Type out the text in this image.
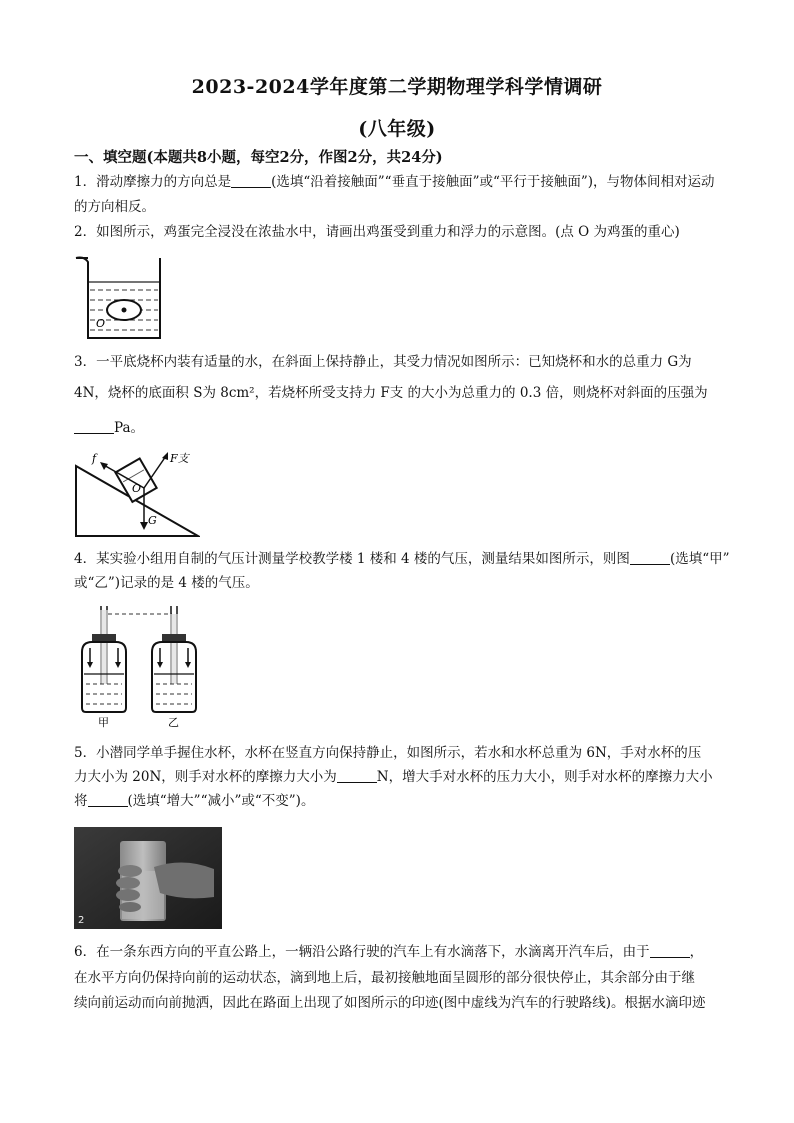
2023-2024学年度第二学期物理学科学情调研
(八年级)
一、填空题(本题共8小题，每空2分，作图2分，共24分)
1．滑动摩擦力的方向总是	(选填“沿着接触面”“垂直于接触面”或“平行于接触面”)，与物体间相对运动
的方向相反。
2．如图所示，鸡蛋完全浸没在浓盐水中，请画出鸡蛋受到重力和浮力的示意图。(点 O 为鸡蛋的重心)
O
3．一平底烧杯内装有适量的水，在斜面上保持静止，其受力情况如图所示：已知烧杯和水的总重力 G为
4N，烧杯的底面积 S为 8cm²，若烧杯所受支持力 F支 的大小为总重力的 0.3 倍，则烧杯对斜面的压强为
Pa。
f	F支
O
G
4．某实验小组用自制的气压计测量学校教学楼 1 楼和 4 楼的气压，测量结果如图所示，则图	(选填“甲”
或“乙”)记录的是 4 楼的气压。
甲	乙
5．小潜同学单手握住水杯，水杯在竖直方向保持静止，如图所示，若水和水杯总重为 6N，手对水杯的压
力大小为 20N，则手对水杯的摩擦力大小为	N，增大手对水杯的压力大小，则手对水杯的摩擦力大小
将	(选填“增大”“减小”或“不变”)。
2
6．在一条东西方向的平直公路上，一辆沿公路行驶的汽车上有水滴落下，水滴离开汽车后，由于	，
在水平方向仍保持向前的运动状态，滴到地上后，最初接触地面呈圆形的部分很快停止，其余部分由于继
续向前运动而向前抛洒，因此在路面上出现了如图所示的印迹(图中虚线为汽车的行驶路线)。根据水滴印迹
